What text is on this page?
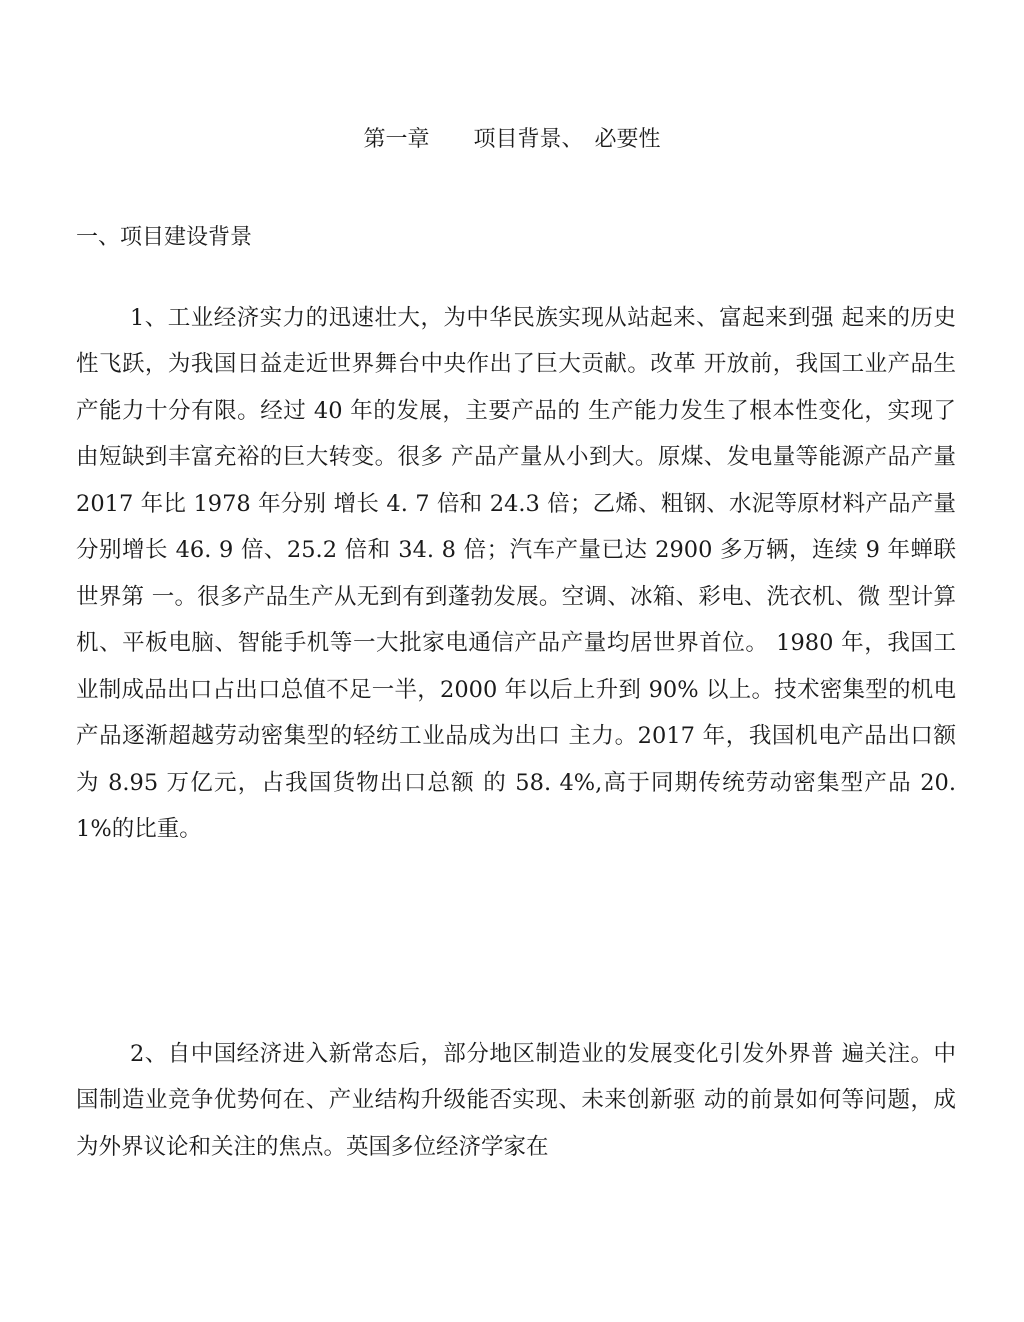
第一章　　项目背景、　必要性
一、项目建设背景

1、工业经济实力的迅速壮大，为中华民族实现从站起来、富起来到强 起来的历史性飞跃，为我国日益走近世界舞台中央作出了巨大贡献。改革 开放前，我国工业产品生产能力十分有限。经过 40 年的发展，主要产品的 生产能力发生了根本性变化，实现了由短缺到丰富充裕的巨大转变。很多 产品产量从小到大。原煤、发电量等能源产品产量 2017 年比 1978 年分别 增长 4. 7 倍和 24.3 倍；乙烯、粗钢、水泥等原材料产品产量分别增长 46. 9 倍、25.2 倍和 34. 8 倍；汽车产量已达 2900 多万辆，连续 9 年蝉联世界第 一。很多产品生产从无到有到蓬勃发展。空调、冰箱、彩电、洗衣机、微 型计算机、平板电脑、智能手机等一大批家电通信产品产量均居世界首位。 1980 年，我国工业制成品出口占出口总值不足一半，2000 年以后上升到 90% 以上。技术密集型的机电产品逐渐超越劳动密集型的轻纺工业品成为出口 主力。2017 年，我国机电产品出口额为 8.95 万亿元，占我国货物出口总额 的 58. 4%,高于同期传统劳动密集型产品 20. 1%的比重。

2、自中国经济进入新常态后，部分地区制造业的发展变化引发外界普 遍关注。中国制造业竞争优势何在、产业结构升级能否实现、未来创新驱 动的前景如何等问题，成为外界议论和关注的焦点。英国多位经济学家在
